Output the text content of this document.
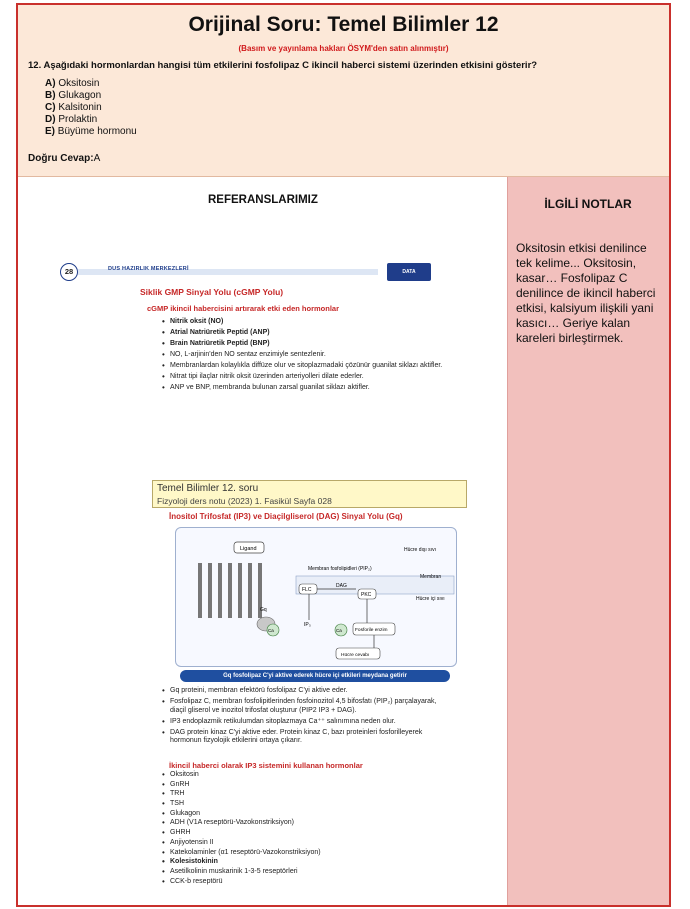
Orijinal Soru: Temel Bilimler 12
(Basım ve yayınlama hakları ÖSYM'den satın alınmıştır)
12. Aşağıdaki hormonlardan hangisi tüm etkilerini fosfolipaz C ikincil haberci sistemi üzerinden etkisini gösterir?
A) Oksitosin
B) Glukagon
C) Kalsitonin
D) Prolaktin
E) Büyüme hormonu
Doğru Cevap:A
REFERANSLARIMIZ
28	DUS HAZIRLIK MERKEZLERİ	DATA
Siklik GMP Sinyal Yolu (cGMP Yolu)
cGMP ikincil habercisini artırarak etki eden hormonlar
• Nitrik oksit (NO)
• Atrial Natriüretik Peptid (ANP)
• Brain Natriüretik Peptid (BNP)
• NO, L-arjinin'den NO sentaz enzimiyle sentezlenir.
• Membranlardan kolaylıkla diffüze olur ve sitoplazmadaki çözünür guanilat siklazı aktifler.
• Nitrat tipi ilaçlar nitrik oksit üzerinden arteriyolleri dilate ederler.
• ANP ve BNP, membranda bulunan zarsal guanilat siklazı aktifler.
Temel Bilimler 12. soru
Fizyoloji ders notu (2023) 1. Fasikül Sayfa 028
İnositol Trifosfat (IP3) ve Diaçilgliserol (DAG) Sinyal Yolu (Gq)
Ligand	Hücre dışı sıvı
Membran fosfolipidleri (PIP₂)
Membran
FLC
DAG
PKC
Hücre içi sıvı
Gq
IP₃
Ca	Ca	Fosforile enzim
Hücre cevabı
Gq fosfolipaz C'yi aktive ederek hücre içi etkileri meydana getirir
• Gq proteini, membran efektörü fosfolipaz C'yi aktive eder.
• Fosfolipaz C, membran fosfolipitlerinden fosfoinozitol 4,5 bifosfatı (PIP₂) parçalayarak, diaçil gliserol ve inozitol trifosfat oluşturur (PIP2 IP3 + DAG).
• IP3 endoplazmik retikulumdan sitoplazmaya Ca⁺⁺ salınımına neden olur.
• DAG protein kinaz C'yi aktive eder. Protein kinaz C, bazı proteinleri fosforilleyerek hormonun fizyolojik etkilerini ortaya çıkarır.
İkincil haberci olarak IP3 sistemini kullanan hormonlar
• Oksitosin
• GnRH
• TRH
• TSH
• Glukagon
• ADH (V1A reseptörü-Vazokonstriksiyon)
• GHRH
• Anjiyotensin II
• Katekolaminler (α1 reseptörü-Vazokonstriksiyon)
• Kolesistokinin
• Asetilkolinin muskarinik 1-3-5 reseptörleri
• CCK-b reseptörü
İLGİLİ NOTLAR
Oksitosin etkisi denilince tek kelime... Oksitosin, kasar… Fosfolipaz C denilince de ikincil haberci etkisi, kalsiyum ilişkili yani kasıcı… Geriye kalan kareleri birleştirmek.
